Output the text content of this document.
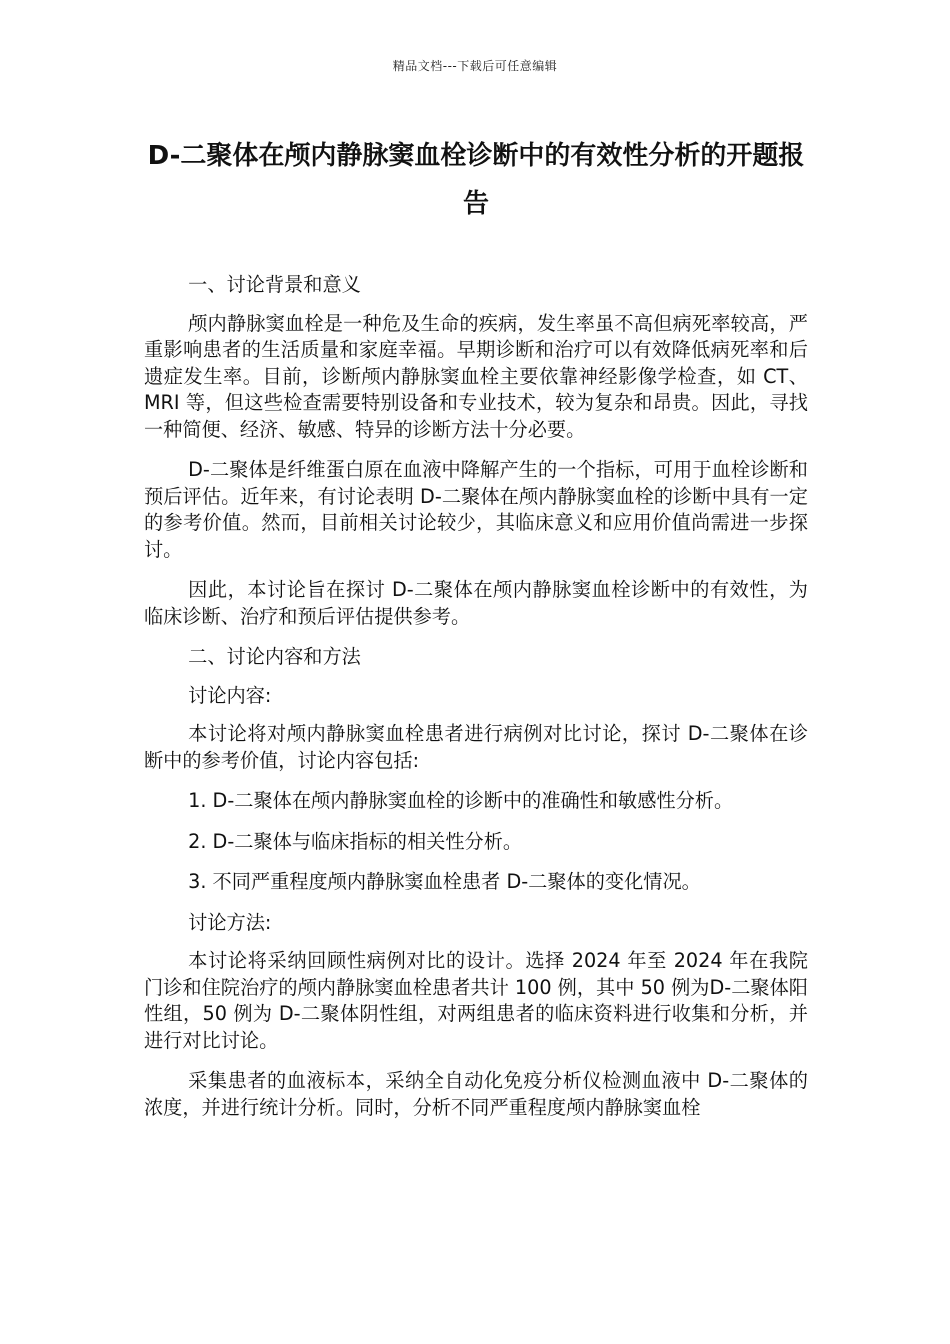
精品文档---下载后可任意编辑
D-二聚体在颅内静脉窦血栓诊断中的有效性分析的开题报告

一、讨论背景和意义

颅内静脉窦血栓是一种危及生命的疾病，发生率虽不高但病死率较高，严重影响患者的生活质量和家庭幸福。早期诊断和治疗可以有效降低病死率和后遗症发生率。目前，诊断颅内静脉窦血栓主要依靠神经影像学检查，如 CT、MRI 等，但这些检查需要特别设备和专业技术，较为复杂和昂贵。因此，寻找一种简便、经济、敏感、特异的诊断方法十分必要。

D-二聚体是纤维蛋白原在血液中降解产生的一个指标，可用于血栓诊断和预后评估。近年来，有讨论表明 D-二聚体在颅内静脉窦血栓的诊断中具有一定的参考价值。然而，目前相关讨论较少，其临床意义和应用价值尚需进一步探讨。

因此，本讨论旨在探讨 D-二聚体在颅内静脉窦血栓诊断中的有效性，为临床诊断、治疗和预后评估提供参考。

二、讨论内容和方法

讨论内容:

本讨论将对颅内静脉窦血栓患者进行病例对比讨论，探讨 D-二聚体在诊断中的参考价值，讨论内容包括:

1. D-二聚体在颅内静脉窦血栓的诊断中的准确性和敏感性分析。

2. D-二聚体与临床指标的相关性分析。

3. 不同严重程度颅内静脉窦血栓患者 D-二聚体的变化情况。

讨论方法:

本讨论将采纳回顾性病例对比的设计。选择 2024 年至 2024 年在我院门诊和住院治疗的颅内静脉窦血栓患者共计 100 例，其中 50 例为D-二聚体阳性组，50 例为 D-二聚体阴性组，对两组患者的临床资料进行收集和分析，并进行对比讨论。

采集患者的血液标本，采纳全自动化免疫分析仪检测血液中 D-二聚体的浓度，并进行统计分析。同时，分析不同严重程度颅内静脉窦血栓
